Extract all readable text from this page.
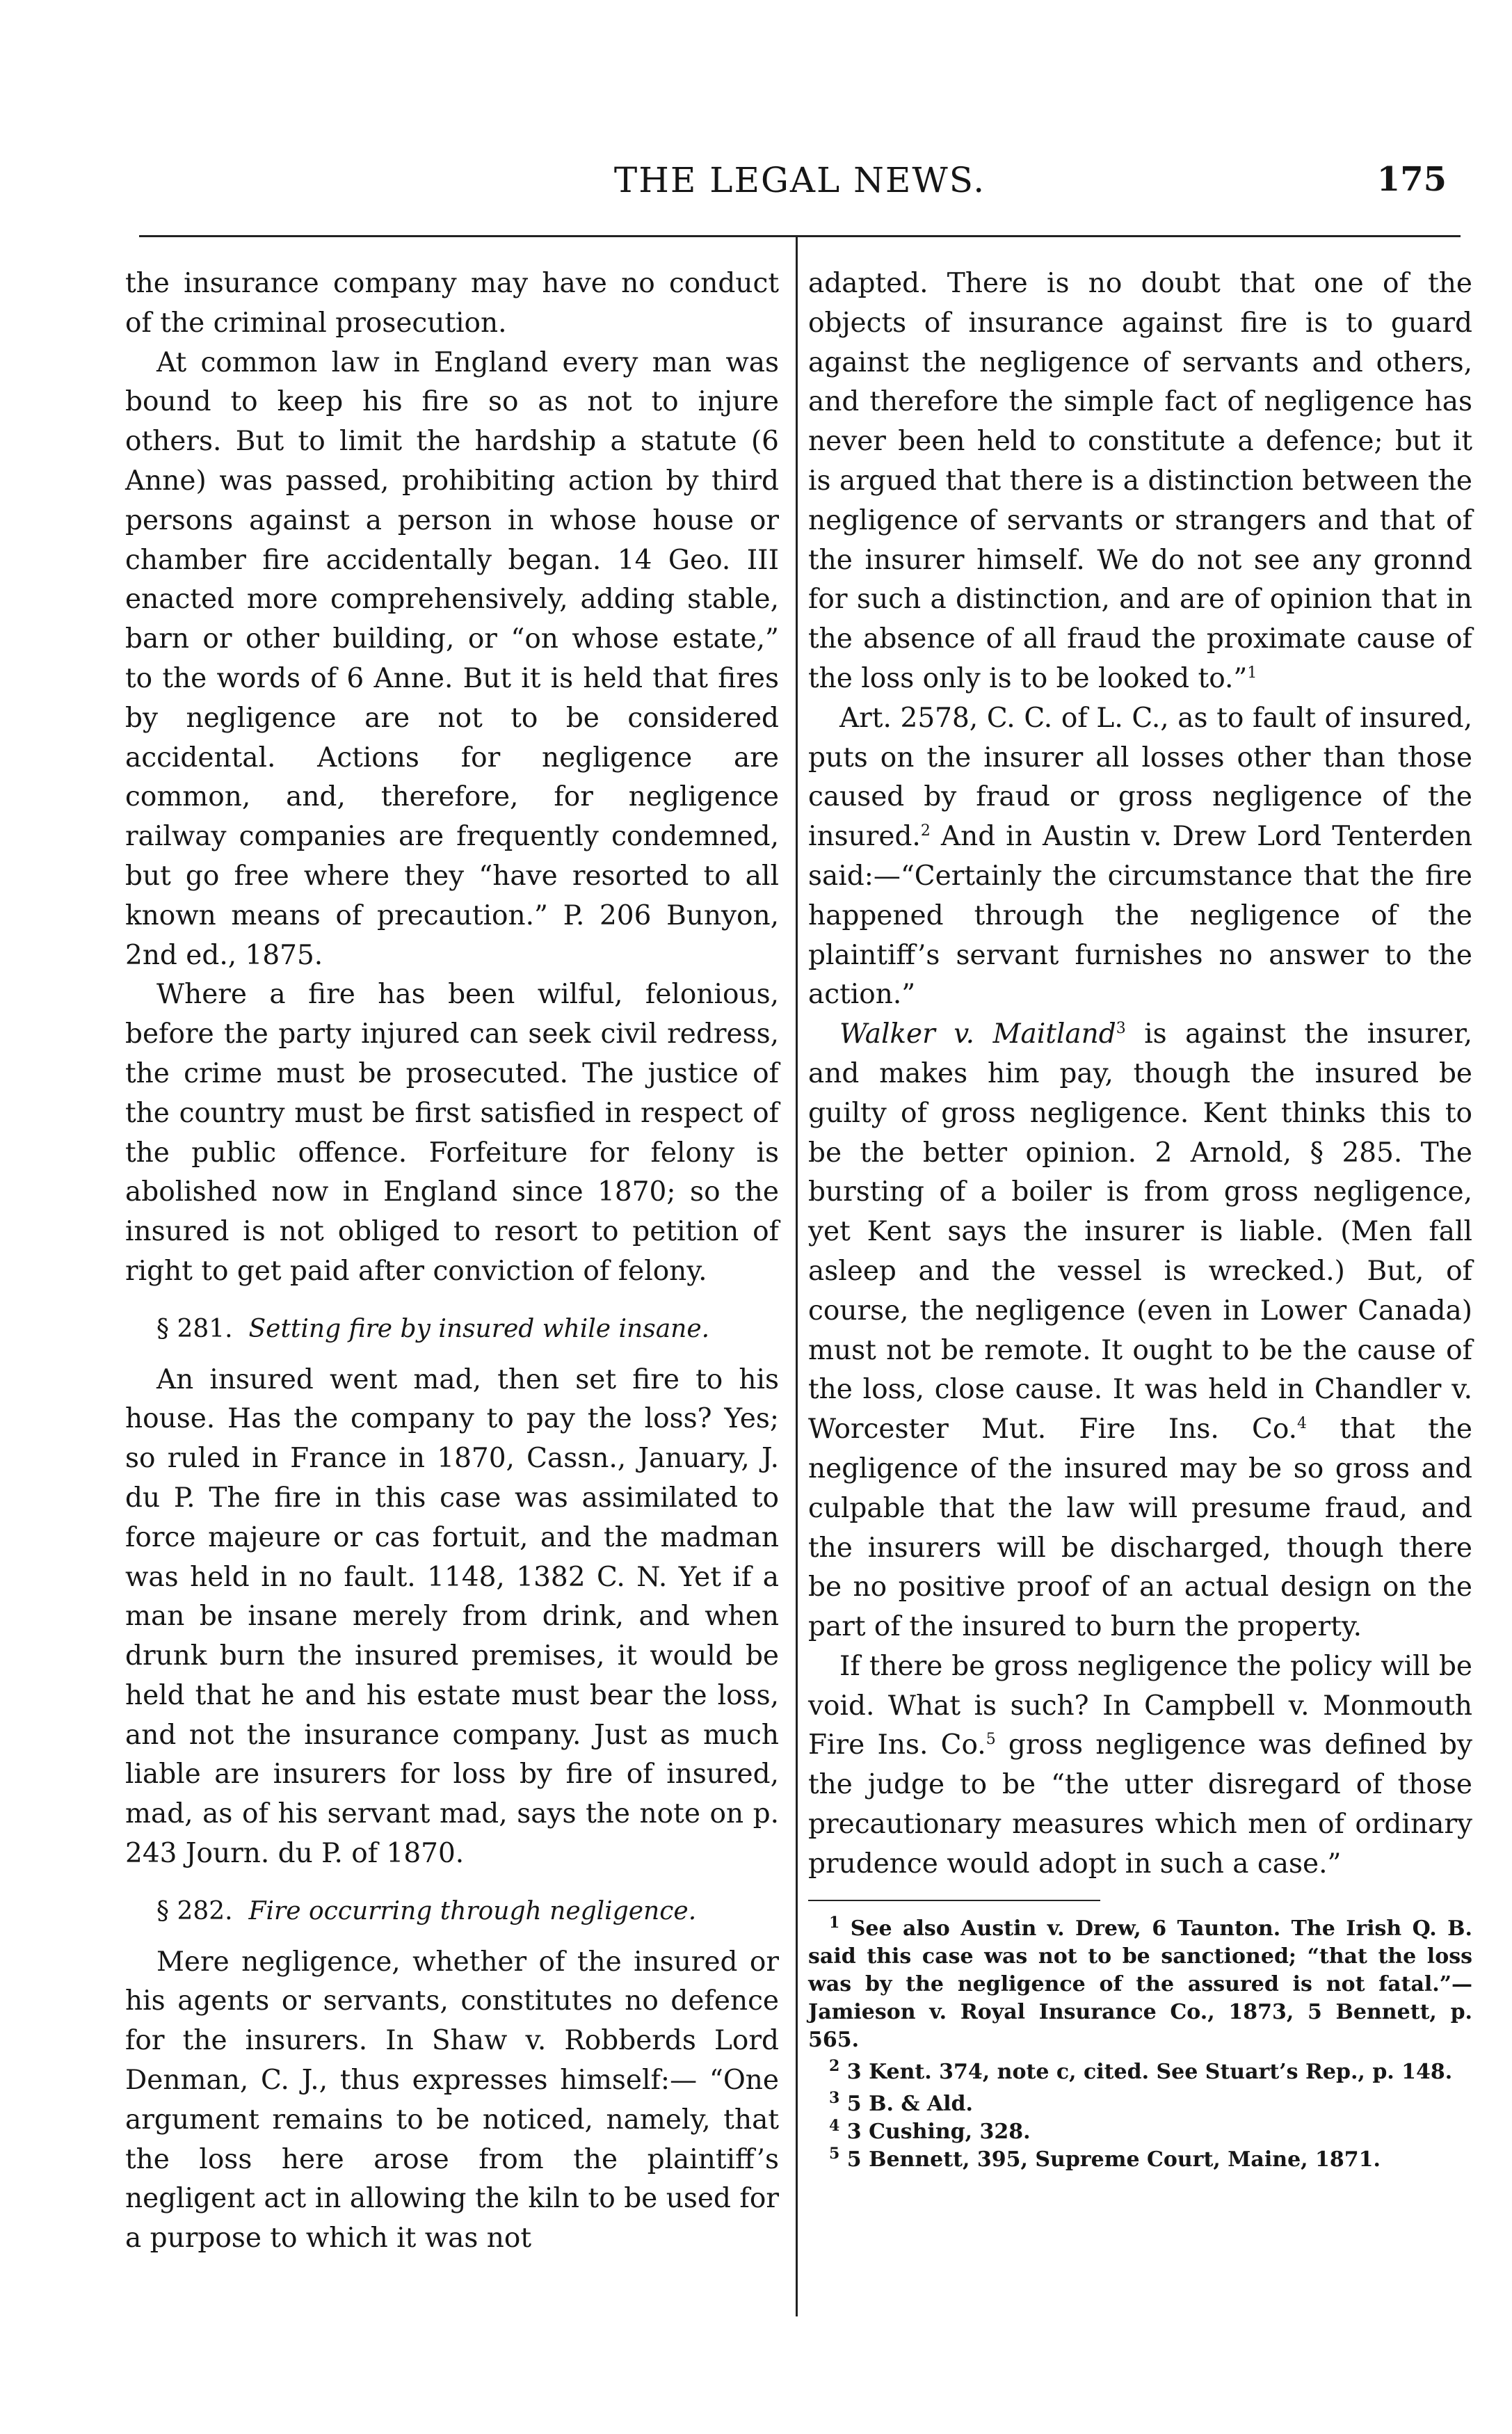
THE LEGAL NEWS.	175

the insurance company may have no conduct of the criminal prosecution.

At common law in England every man was bound to keep his fire so as not to injure others. But to limit the hardship a statute (6 Anne) was passed, prohibiting action by third persons against a person in whose house or chamber fire accidentally began. 14 Geo. III enacted more comprehensively, adding stable, barn or other building, or “on whose estate,” to the words of 6 Anne. But it is held that fires by negligence are not to be considered accidental. Actions for negligence are common, and, therefore, for negligence railway companies are frequently condemned, but go free where they “have resorted to all known means of precaution.” P. 206 Bunyon, 2nd ed., 1875.

Where a fire has been wilful, felonious, before the party injured can seek civil redress, the crime must be prosecuted. The justice of the country must be first satisfied in respect of the public offence. Forfeiture for felony is abolished now in England since 1870; so the insured is not obliged to resort to petition of right to get paid after conviction of felony.

§ 281. Setting fire by insured while insane.

An insured went mad, then set fire to his house. Has the company to pay the loss? Yes; so ruled in France in 1870, Cassn., January, J. du P. The fire in this case was assimilated to force majeure or cas fortuit, and the madman was held in no fault. 1148, 1382 C. N. Yet if a man be insane merely from drink, and when drunk burn the insured premises, it would be held that he and his estate must bear the loss, and not the insurance company. Just as much liable are insurers for loss by fire of insured, mad, as of his servant mad, says the note on p. 243 Journ. du P. of 1870.

§ 282. Fire occurring through negligence.

Mere negligence, whether of the insured or his agents or servants, constitutes no defence for the insurers. In Shaw v. Robberds Lord Denman, C. J., thus expresses himself:— “One argument remains to be noticed, namely, that the loss here arose from the plaintiff’s negligent act in allowing the kiln to be used for a purpose to which it was not

adapted. There is no doubt that one of the objects of insurance against fire is to guard against the negligence of servants and others, and therefore the simple fact of negligence has never been held to constitute a defence; but it is argued that there is a distinction between the negligence of servants or strangers and that of the insurer himself. We do not see any gronnd for such a distinction, and are of opinion that in the absence of all fraud the proximate cause of the loss only is to be looked to.”$^1$

Art. 2578, C. C. of L. C., as to fault of insured, puts on the insurer all losses other than those caused by fraud or gross negligence of the insured.$^2$ And in Austin v. Drew Lord Tenterden said:—“Certainly the circumstance that the fire happened through the negligence of the plaintiff’s servant furnishes no answer to the action.”

Walker v. Maitland$^3$ is against the insurer, and makes him pay, though the insured be guilty of gross negligence. Kent thinks this to be the better opinion. 2 Arnold, § 285. The bursting of a boiler is from gross negligence, yet Kent says the insurer is liable. (Men fall asleep and the vessel is wrecked.) But, of course, the negligence (even in Lower Canada) must not be remote. It ought to be the cause of the loss, close cause. It was held in Chandler v. Worcester Mut. Fire Ins. Co.$^4$ that the negligence of the insured may be so gross and culpable that the law will presume fraud, and the insurers will be discharged, though there be no positive proof of an actual design on the part of the insured to burn the property.

If there be gross negligence the policy will be void. What is such? In Campbell v. Monmouth Fire Ins. Co.$^5$ gross negligence was defined by the judge to be “the utter disregard of those precautionary measures which men of ordinary prudence would adopt in such a case.”

$^1$ See also Austin v. Drew, 6 Taunton. The Irish Q. B. said this case was not to be sanctioned; “that the loss was by the negligence of the assured is not fatal.”—Jamieson v. Royal Insurance Co., 1873, 5 Bennett, p. 565.

$^2$ 3 Kent. 374, note c, cited. See Stuart’s Rep., p. 148.

$^3$ 5 B. & Ald.

$^4$ 3 Cushing, 328.

$^5$ 5 Bennett, 395, Supreme Court, Maine, 1871.
